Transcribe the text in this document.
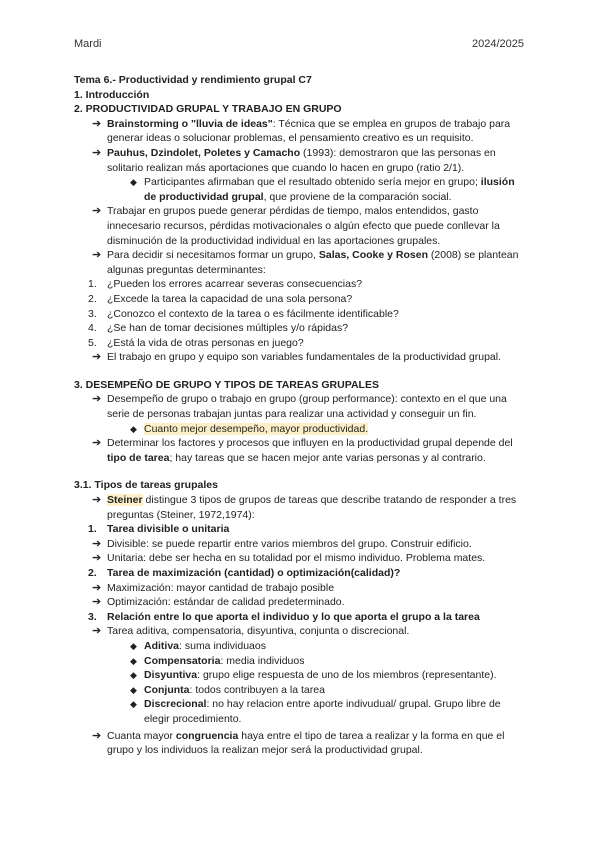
Mardi	2024/2025
Tema 6.- Productividad y rendimiento grupal C7
1. Introducción
2. PRODUCTIVIDAD GRUPAL Y TRABAJO EN GRUPO
➔ Brainstorming o "lluvia de ideas": Técnica que se emplea en grupos de trabajo para generar ideas o solucionar problemas, el pensamiento creativo es un requisito.
➔ Pauhus, Dzindolet, Poletes y Camacho (1993): demostraron que las personas en solitario realizan más aportaciones que cuando lo hacen en grupo (ratio 2/1).
◆ Participantes afirmaban que el resultado obtenido sería mejor en grupo; ilusión de productividad grupal, que proviene de la comparación social.
➔ Trabajar en grupos puede generar pérdidas de tiempo, malos entendidos, gasto innecesario recursos, pérdidas motivacionales o algún efecto que puede conllevar la disminución de la productividad individual en las aportaciones grupales.
➔ Para decidir si necesitamos formar un grupo, Salas, Cooke y Rosen (2008) se plantean algunas preguntas determinantes:
1. ¿Pueden los errores acarrear severas consecuencias?
2. ¿Excede la tarea la capacidad de una sola persona?
3. ¿Conozco el contexto de la tarea o es fácilmente identificable?
4. ¿Se han de tomar decisiones múltiples y/o rápidas?
5. ¿Está la vida de otras personas en juego?
➔ El trabajo en grupo y equipo son variables fundamentales de la productividad grupal.
3. DESEMPEÑO DE GRUPO Y TIPOS DE TAREAS GRUPALES
➔ Desempeño de grupo o trabajo en grupo (group performance): contexto en el que una serie de personas trabajan juntas para realizar una actividad y conseguir un fin.
◆ Cuanto mejor desempeño, mayor productividad.
➔ Determinar los factores y procesos que influyen en la productividad grupal depende del tipo de tarea; hay tareas que se hacen mejor ante varias personas y al contrario.
3.1. Tipos de tareas grupales
➔ Steiner distingue 3 tipos de grupos de tareas que describe tratando de responder a tres preguntas (Steiner, 1972,1974):
1. Tarea divisible o unitaria
➔ Divisible: se puede repartir entre varios miembros del grupo. Construir edificio.
➔ Unitaria: debe ser hecha en su totalidad por el mismo individuo. Problema mates.
2. Tarea de maximización (cantidad) o optimización(calidad)?
➔ Maximización: mayor cantidad de trabajo posible
➔ Optimización: estándar de calidad predeterminado.
3. Relación entre lo que aporta el individuo y lo que aporta el grupo a la tarea
➔ Tarea aditiva, compensatoria, disyuntiva, conjunta o discrecional.
◆ Aditiva: suma individuaos
◆ Compensatoria: media individuos
◆ Disyuntiva: grupo elige respuesta de uno de los miembros (representante).
◆ Conjunta: todos contribuyen a la tarea
◆ Discrecional: no hay relacion entre aporte indivudual/ grupal. Grupo libre de elegir procedimiento.
➔ Cuanta mayor congruencia haya entre el tipo de tarea a realizar y la forma en que el grupo y los individuos la realizan mejor será la productividad grupal.
